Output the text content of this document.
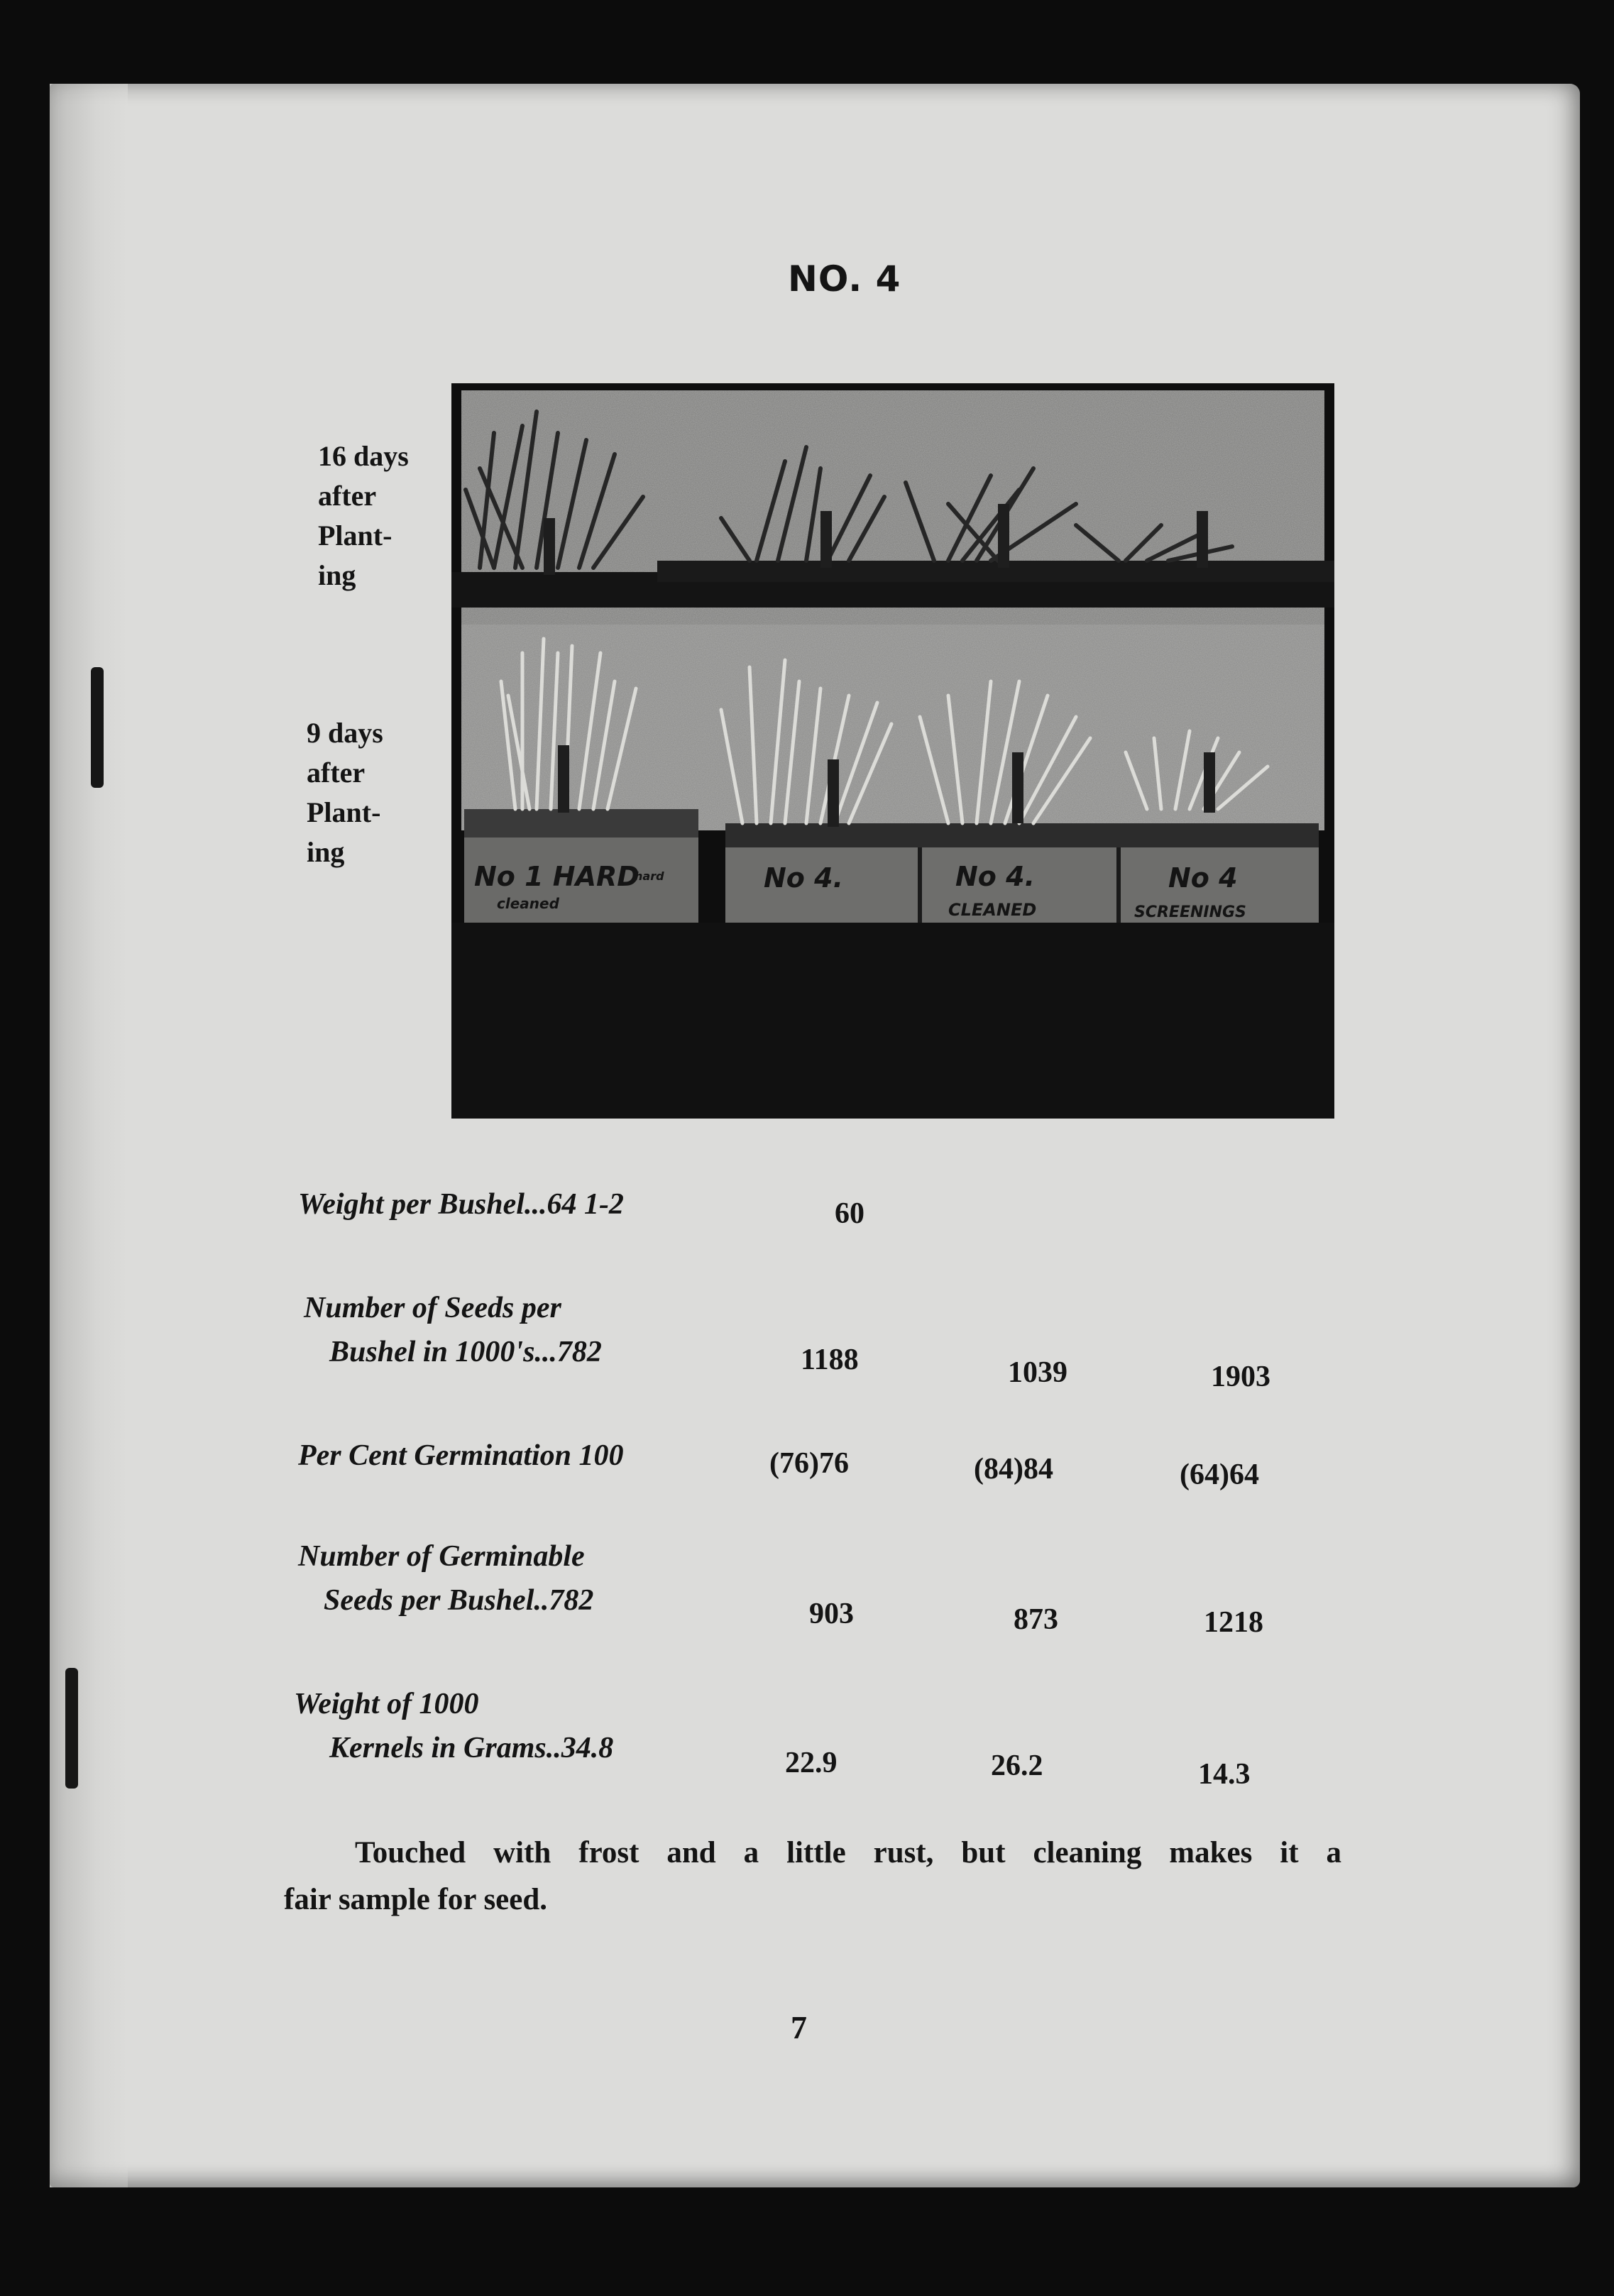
NO. 4
16 days
after
Plant-
ing
9 days
after
Plant-
ing
No 1 HARD
hard
cleaned
No 4.	No 4.
CLEANED
No 4
SCREENINGS
Weight per Bushel...64 1-2	60
Number of Seeds per
Bushel in 1000's...782	1188	1039	1903
Per Cent Germination 100	(76)76	(84)84	(64)64
Number of Germinable
Seeds per Bushel..782	903	873	1218
Weight of 1000
Kernels in Grams..34.8	22.9	26.2	14.3
Touched with frost and a little rust, but cleaning makes it a
fair sample for seed.
7
